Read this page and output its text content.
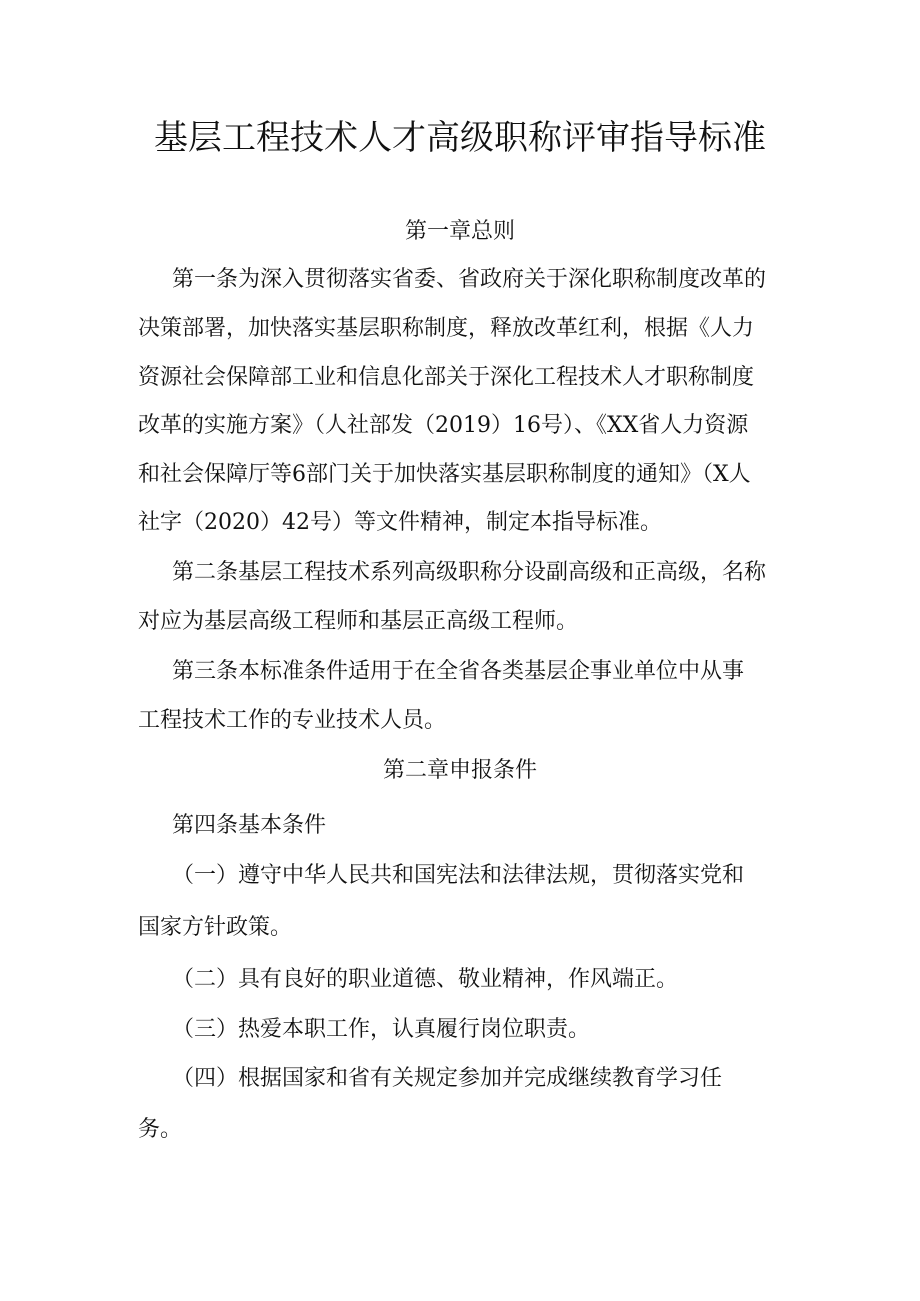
基层工程技术人才高级职称评审指导标准

第一章总则

第一条为深入贯彻落实省委、省政府关于深化职称制度改革的

决策部署，加快落实基层职称制度，释放改革红利，根据《人力

资源社会保障部工业和信息化部关于深化工程技术人才职称制度

改革的实施方案》（人社部发（2019）16号）、《XX省人力资源

和社会保障厅等6部门关于加快落实基层职称制度的通知》（X人

社字（2020）42号）等文件精神，制定本指导标准。

第二条基层工程技术系列高级职称分设副高级和正高级，名称

对应为基层高级工程师和基层正高级工程师。

第三条本标准条件适用于在全省各类基层企事业单位中从事

工程技术工作的专业技术人员。

第二章申报条件

第四条基本条件

（一）遵守中华人民共和国宪法和法律法规，贯彻落实党和

国家方针政策。

（二）具有良好的职业道德、敬业精神，作风端正。

（三）热爱本职工作，认真履行岗位职责。

（四）根据国家和省有关规定参加并完成继续教育学习任

务。
